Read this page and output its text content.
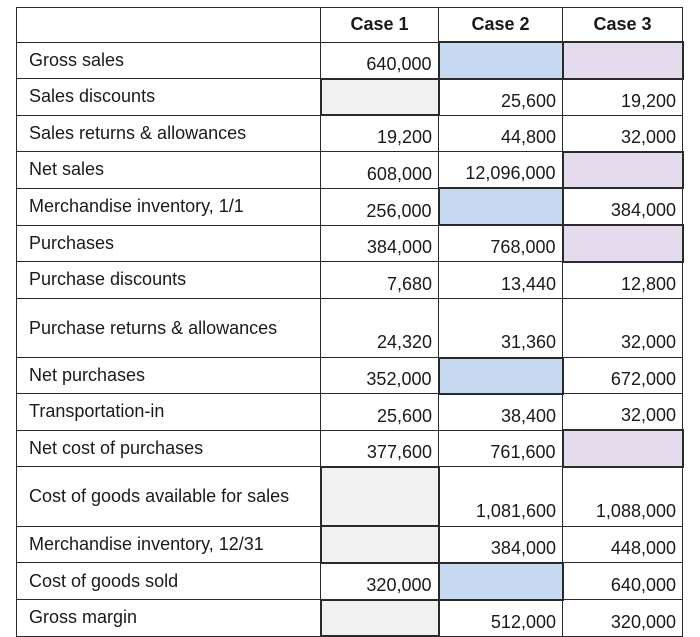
	Case 1	Case 2	Case 3
Gross sales	640,000		
Sales discounts		25,600	19,200
Sales returns & allowances	19,200	44,800	32,000
Net sales	608,000	12,096,000	
Merchandise inventory, 1/1	256,000		384,000
Purchases	384,000	768,000	
Purchase discounts	7,680	13,440	12,800
Purchase returns & allowances	24,320	31,360	32,000
Net purchases	352,000		672,000
Transportation-in	25,600	38,400	32,000
Net cost of purchases	377,600	761,600	
Cost of goods available for sales		1,081,600	1,088,000
Merchandise inventory, 12/31		384,000	448,000
Cost of goods sold	320,000		640,000
Gross margin		512,000	320,000
